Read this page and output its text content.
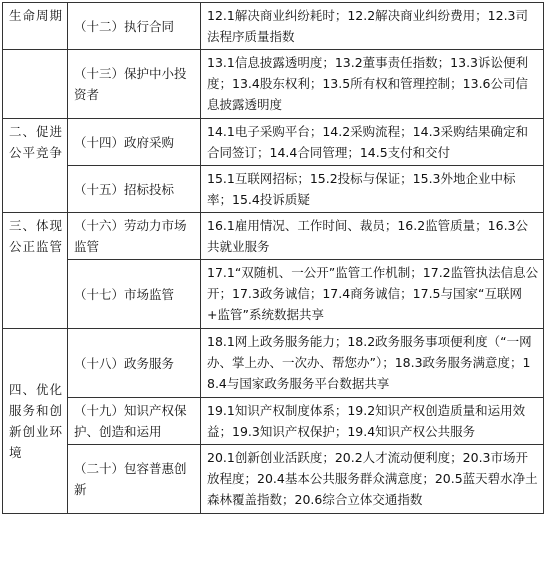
生命周期	（十二）执行合同	12.1解决商业纠纷耗时；12.2解决商业纠纷费用；12.3司法程序质量指数
	（十三）保护中小投资者	13.1信息披露透明度；13.2董事责任指数；13.3诉讼便利度；13.4股东权利；13.5所有权和管理控制；13.6公司信息披露透明度
二、促进公平竞争	（十四）政府采购	14.1电子采购平台；14.2采购流程；14.3采购结果确定和合同签订；14.4合同管理；14.5支付和交付
	（十五）招标投标	15.1互联网招标；15.2投标与保证；15.3外地企业中标率；15.4投诉质疑
三、体现公正监管	（十六）劳动力市场监管	16.1雇用情况、工作时间、裁员；16.2监管质量；16.3公共就业服务
	（十七）市场监管	17.1“双随机、一公开”监管工作机制；17.2监管执法信息公开；17.3政务诚信；17.4商务诚信；17.5与国家“互联网+监管”系统数据共享
四、优化服务和创新创业环境	（十八）政务服务	18.1网上政务服务能力；18.2政务服务事项便利度（“一网办、掌上办、一次办、帮您办”）；18.3政务服务满意度；18.4与国家政务服务平台数据共享
	（十九）知识产权保护、创造和运用	19.1知识产权制度体系；19.2知识产权创造质量和运用效益；19.3知识产权保护；19.4知识产权公共服务
	（二十）包容普惠创新	20.1创新创业活跃度；20.2人才流动便利度；20.3市场开放程度；20.4基本公共服务群众满意度；20.5蓝天碧水净土森林覆盖指数；20.6综合立体交通指数
